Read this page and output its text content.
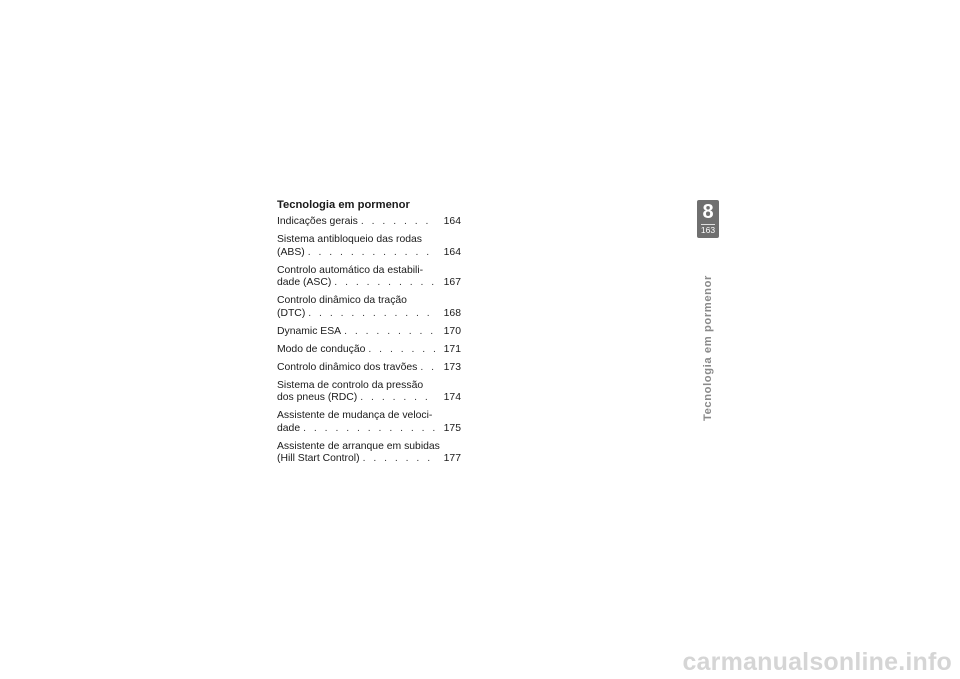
Tecnologia em pormenor
Indicações gerais . . .	164
Sistema antibloqueio das rodas
(ABS) . . .	164
Controlo automático da estabili-
dade (ASC) . . .	167
Controlo dinâmico da tração
(DTC) . . .	168
Dynamic ESA . . .	170
Modo de condução . . .	171
Controlo dinâmico dos travões . . .	173
Sistema de controlo da pressão
dos pneus (RDC) . . .	174
Assistente de mudança de veloci-
dade . . .	175
Assistente de arranque em subidas
(Hill Start Control) . . .	177
8
163
Tecnologia em pormenor
carmanualsonline.info
